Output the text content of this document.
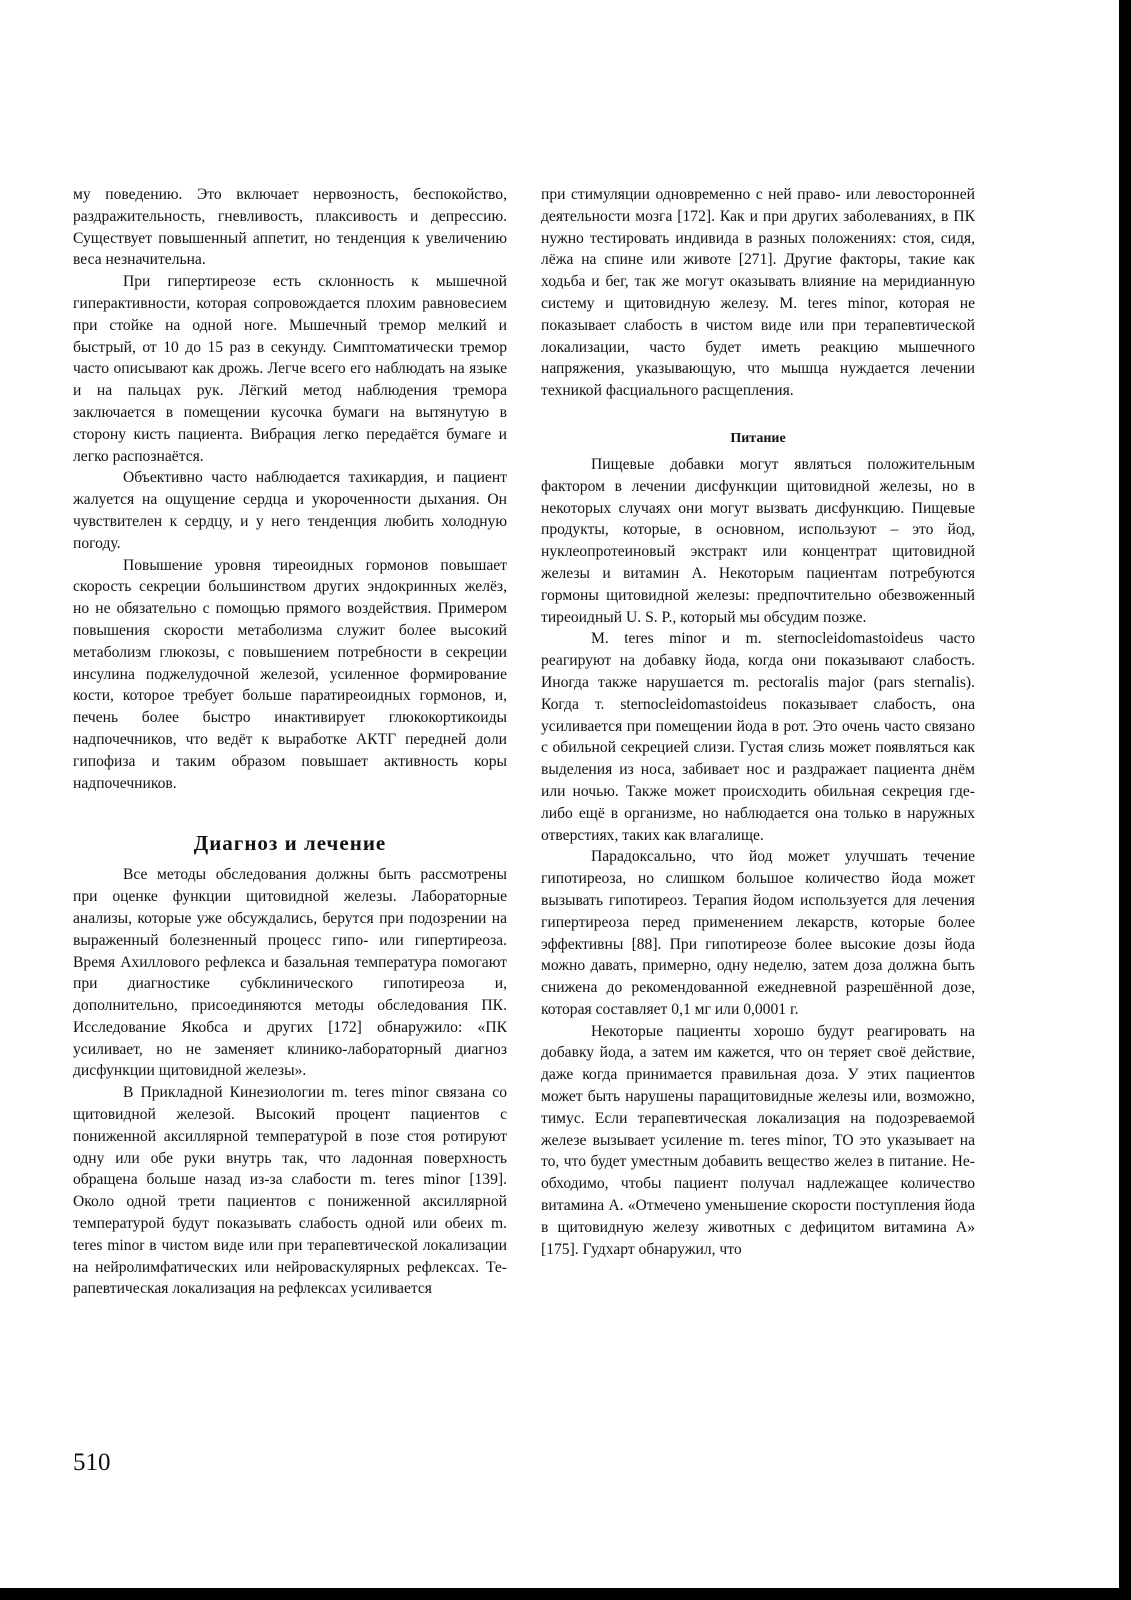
му поведению. Это включает нервозность, беспокойство, раздражительность, гневливость, плаксивость и депрессию. Существует повышенный аппетит, но тенденция к увеличению веса незначительна.

При гипертиреозе есть склонность к мышечной гиперактивности, которая сопровождается плохим равновесием при стойке на одной ноге. Мышечный тремор мелкий и быстрый, от 10 до 15 раз в секунду. Симптоматически тремор часто описывают как дрожь. Легче всего его наблюдать на языке и на пальцах рук. Лёгкий метод наблюдения тремора заключается в помещении кусочка бумаги на вытянутую в сторону кисть пациента. Вибрация легко передаётся бумаге и легко распознаётся.

Объективно часто наблюдается тахикардия, и пациент жалуется на ощущение сердца и укороченности дыхания. Он чувствителен к сердцу, и у него тенденция любить холодную погоду.

Повышение уровня тиреоидных гормонов повышает скорость секреции большинством других эндокринных желёз, но не обязательно с помощью прямого воздействия. Примером повышения скорости метаболизма служит более высокий метаболизм глюкозы, с повышением потребности в секреции инсулина поджелудочной железой, усиленное формирование кости, которое требует больше паратиреоидных гормонов, и, печень более быстро инактивирует глюкокортикоиды надпочечников, что ведёт к выработке АКТГ передней доли гипофиза и таким образом повышает активность коры надпочечников.

Диагноз и лечение

Все методы обследования должны быть рассмотрены при оценке функции щитовидной железы. Лабораторные анализы, которые уже обсуждались, берутся при подозрении на выраженный болезненный процесс гипо- или гипертиреоза. Время Ахиллового рефлекса и базальная температура помогают при диагностике субклинического гипотиреоза и, дополнительно, присоединяются методы обследования ПК. Исследование Якобса и других [172] обнаружило: «ПК усиливает, но не заменяет клинико-лабораторный диагноз дисфункции щитовидной железы».

В Прикладной Кинезиологии m. teres minor связана со щитовидной железой. Высокий процент пациентов с пониженной аксиллярной температурой в позе стоя ротируют одну или обе руки внутрь так, что ладонная поверхность обращена больше назад из-за слабости m. teres minor [139]. Около одной трети пациентов с пониженной аксиллярной температурой будут показывать слабость одной или обеих m. teres minor в чистом виде или при терапевтической локализации на нейролимфатических или нейроваскулярных рефлексах. Терапевтическая локализация на рефлексах усиливается

при стимуляции одновременно с ней право- или левосторонней деятельности мозга [172]. Как и при других заболеваниях, в ПК нужно тестировать индивида в разных положениях: стоя, сидя, лёжа на спине или животе [271]. Другие факторы, такие как ходьба и бег, так же могут оказывать влияние на меридианную систему и щитовидную железу. M. teres minor, которая не показывает слабость в чистом виде или при терапевтической локализации, часто будет иметь реакцию мышечного напряжения, указывающую, что мышца нуждается лечении техникой фасциального расщепления.

Питание

Пищевые добавки могут являться положительным фактором в лечении дисфункции щитовидной железы, но в некоторых случаях они могут вызвать дисфункцию. Пищевые продукты, которые, в основном, используют – это йод, нуклеопротеиновый экстракт или концентрат щитовидной железы и витамин А. Некоторым пациентам потребуются гормоны щитовидной железы: предпочтительно обезвоженный тиреоидный U. S. P., который мы обсудим позже.

M. teres minor и m. sternocleidomastoideus часто реагируют на добавку йода, когда они показывают слабость. Иногда также нарушается m. pectoralis major (pars sternalis). Когда т. sternocleidomastoideus показывает слабость, она усиливается при помещении йода в рот. Это очень часто связано с обильной секрецией слизи. Густая слизь может появляться как выделения из носа, забивает нос и раздражает пациента днём или ночью. Также может происходить обильная секреция где-либо ещё в организме, но наблюдается она только в наружных отверстиях, таких как влагалище.

Парадоксально, что йод может улучшать течение гипотиреоза, но слишком большое количество йода может вызывать гипотиреоз. Терапия йодом используется для лечения гипертиреоза перед применением лекарств, которые более эффективны [88]. При гипотиреозе более высокие дозы йода можно давать, примерно, одну неделю, затем доза должна быть снижена до рекомендованной ежедневной разрешённой дозе, которая составляет 0,1 мг или 0,0001 г.

Некоторые пациенты хорошо будут реагировать на добавку йода, а затем им кажется, что он теряет своё действие, даже когда принимается правильная доза. У этих пациентов может быть нарушены паращитовидные железы или, возможно, тимус. Если терапевтическая локализация на подозреваемой железе вызывает усиление m. teres minor, ТО это указывает на то, что будет уместным добавить вещество желез в питание. Необходимо, чтобы пациент получал надлежащее количество витамина А. «Отмечено уменьшение скорости поступления йода в щитовидную железу животных с дефицитом витамина А» [175]. Гудхарт обнаружил, что

510
